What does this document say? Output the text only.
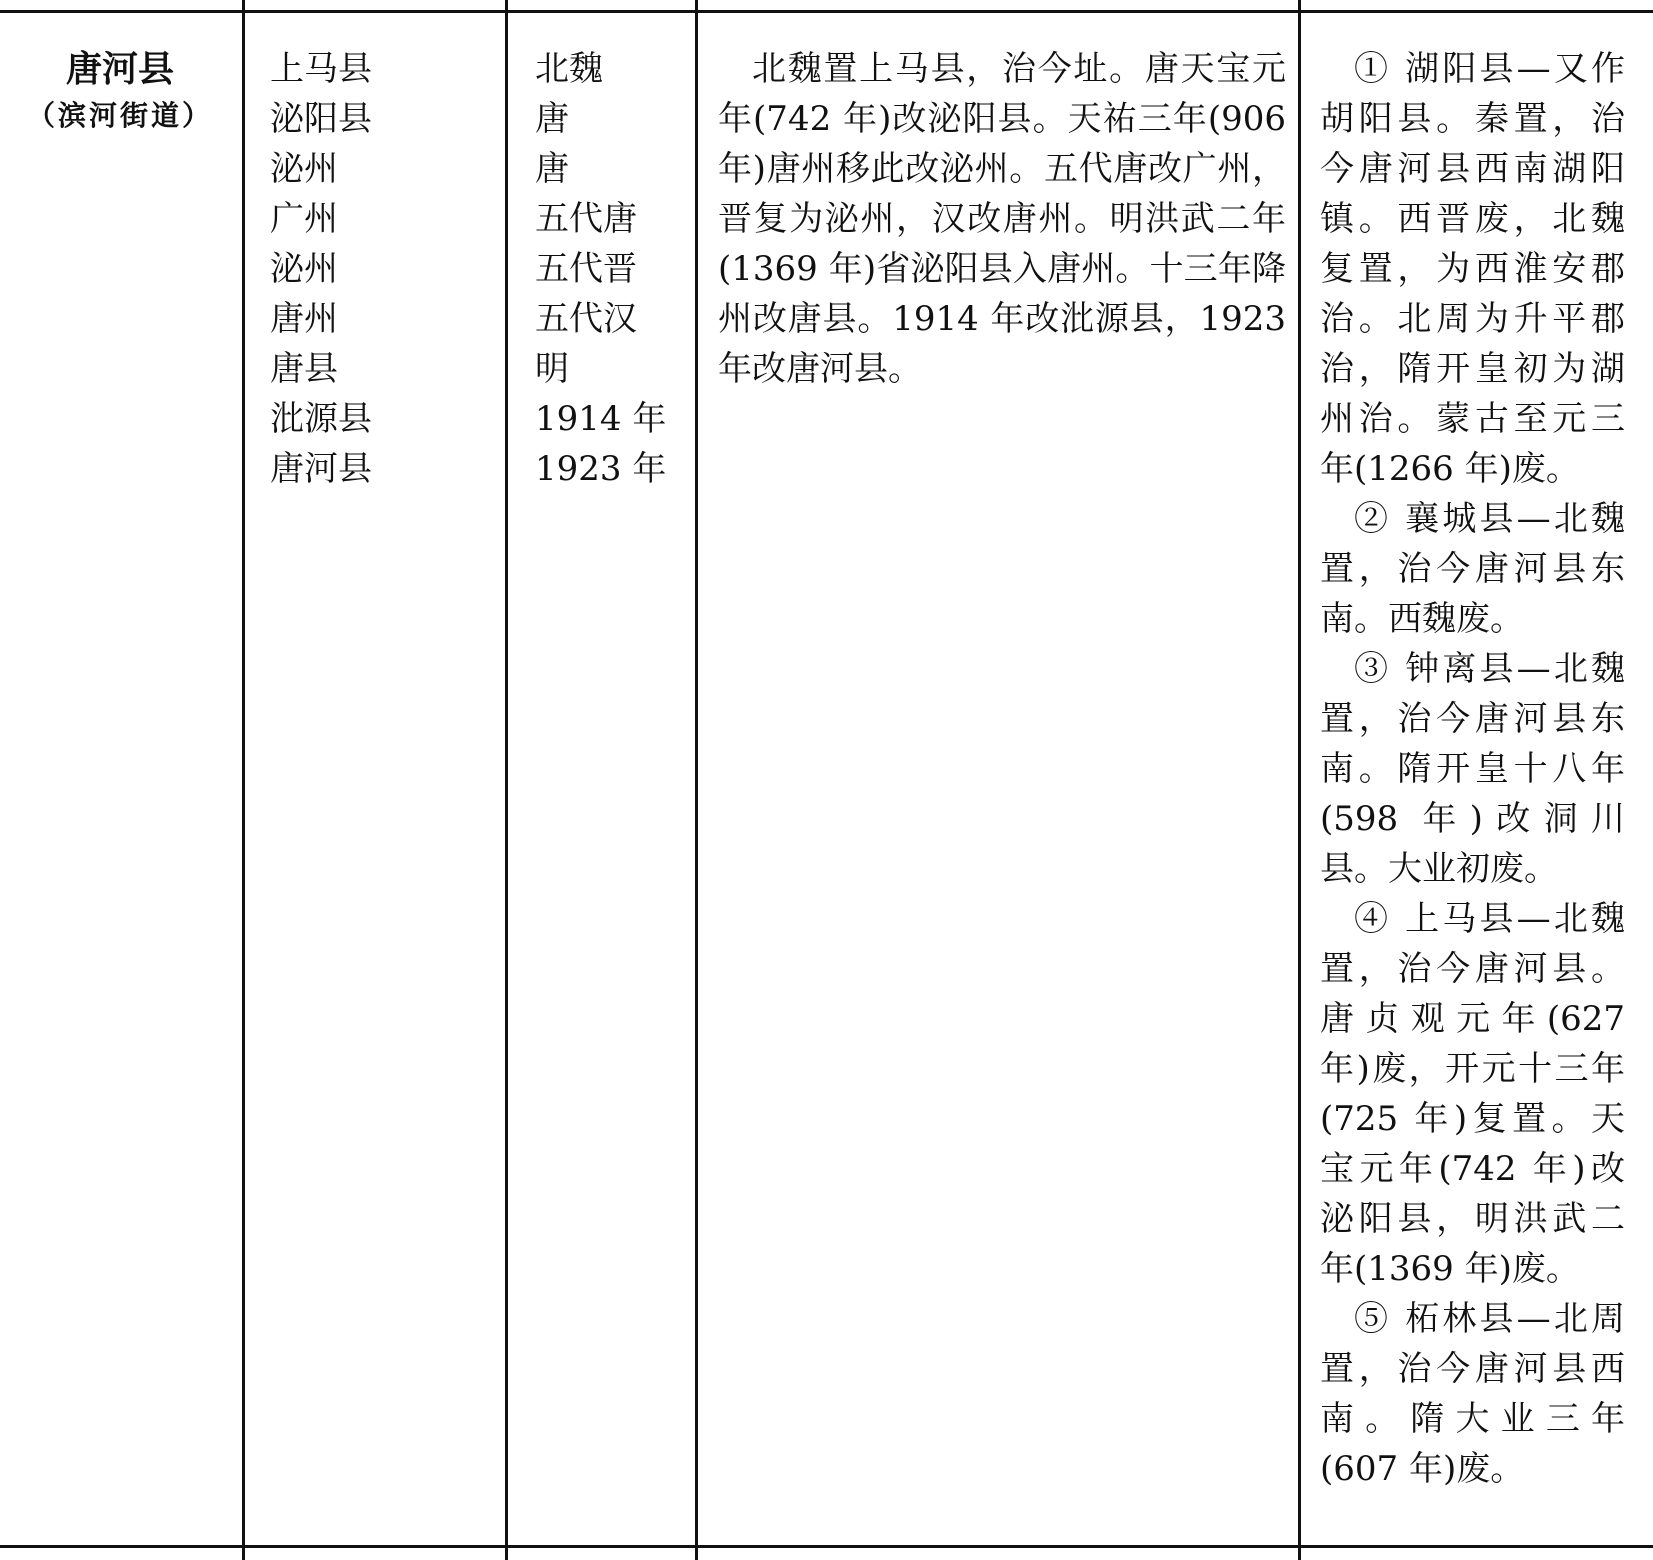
唐河县
（滨河街道）
上马县
泌阳县
泌州
广州
泌州
唐州
唐县
沘源县
唐河县
北魏
唐
唐
五代唐
五代晋
五代汉
明
1914 年
1923 年
北魏置上马县，治今址。唐天宝元年(742 年)改泌阳县。天祐三年(906 年)唐州移此改泌州。五代唐改广州，晋复为泌州，汉改唐州。明洪武二年(1369 年)省泌阳县入唐州。十三年降州改唐县。1914 年改沘源县，1923 年改唐河县。

① 湖阳县—又作胡阳县。秦置，治今唐河县西南湖阳镇。西晋废，北魏复置，为西淮安郡治。北周为升平郡治，隋开皇初为湖州治。蒙古至元三年(1266 年)废。

② 襄城县—北魏置，治今唐河县东南。西魏废。

③ 钟离县—北魏置，治今唐河县东南。隋开皇十八年(598 年)改洞川县。大业初废。

④ 上马县—北魏置，治今唐河县。唐贞观元年(627 年)废，开元十三年(725 年)复置。天宝元年(742 年)改泌阳县，明洪武二年(1369 年)废。

⑤ 柘林县—北周置，治今唐河县西南。隋大业三年(607 年)废。
